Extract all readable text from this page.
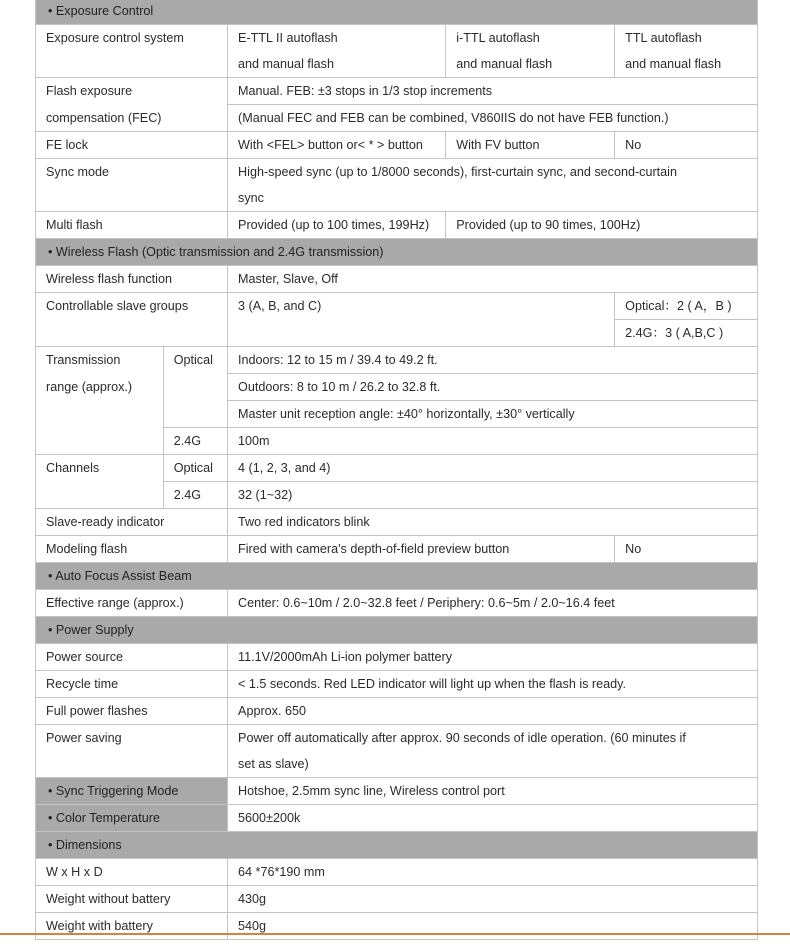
• Exposure Control				
Exposure control system		E-TTL II autoflash	i-TTL autoflash	TTL autoflash
		and manual flash	and manual flash	and manual flash
Flash exposure		Manual. FEB: ±3 stops in 1/3 stop increments		
compensation (FEC)		(Manual FEC and FEB can be combined, V860IIS do not have FEB function.)		
FE lock		With <FEL> button or< * > button	With FV button	No
Sync mode		High-speed sync (up to 1/8000 seconds), first-curtain sync, and second-curtain		
		sync		
Multi flash		Provided (up to 100 times, 199Hz)	Provided (up to 90 times, 100Hz)	
• Wireless Flash (Optic transmission and 2.4G transmission)				
Wireless flash function		Master, Slave, Off		
Controllable slave groups		3 (A, B, and C)		Optical：2 ( A，B )
				2.4G：3 ( A,B,C )
Transmission	Optical	Indoors: 12 to 15 m / 39.4 to 49.2 ft.		
range (approx.)		Outdoors: 8 to 10 m / 26.2 to 32.8 ft.		
		Master unit reception angle: ±40° horizontally, ±30° vertically		
	2.4G	100m		
Channels	Optical	4 (1, 2, 3, and 4)		
	2.4G	32 (1~32)		
Slave-ready indicator		Two red indicators blink		
Modeling flash		Fired with camera's depth-of-field preview button		No
• Auto Focus Assist Beam				
Effective range (approx.)		Center: 0.6~10m / 2.0~32.8 feet / Periphery: 0.6~5m / 2.0~16.4 feet		
• Power Supply				
Power source		11.1V/2000mAh Li-ion polymer battery		
Recycle time		< 1.5 seconds. Red LED indicator will light up when the flash is ready.		
Full power flashes		Approx. 650		
Power saving		Power off automatically after approx. 90 seconds of idle operation. (60 minutes if		
		set as slave)		
• Sync Triggering Mode		Hotshoe, 2.5mm sync line, Wireless control port		
• Color Temperature		5600±200k		
• Dimensions				
W x H x D		64 *76*190 mm		
Weight without battery		430g		
Weight with battery		540g		
